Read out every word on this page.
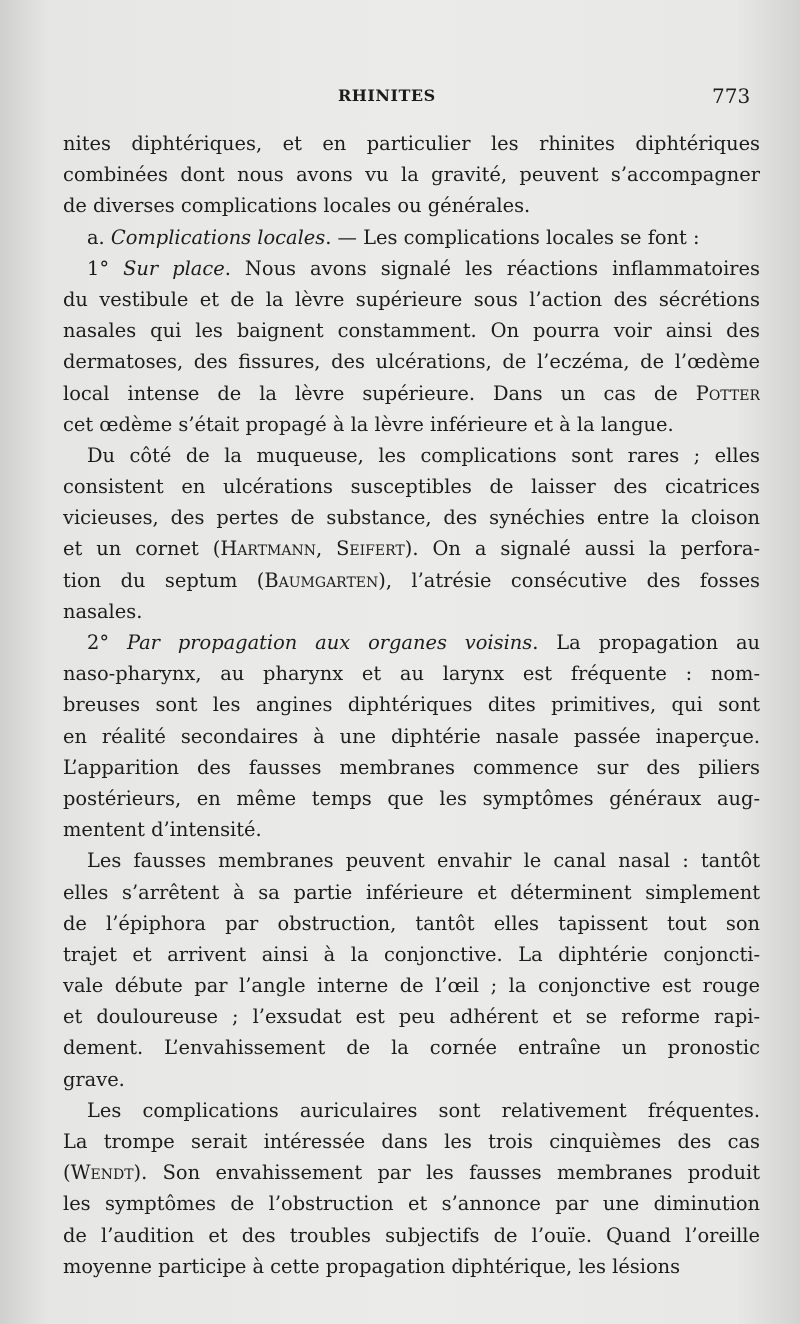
RHINITES	773
nites diphtériques, et en particulier les rhinites diphtériques
combinées dont nous avons vu la gravité, peuvent s’accompagner
de diverses complications locales ou générales.
a. Complications locales. — Les complications locales se font :
1° Sur place. Nous avons signalé les réactions inflammatoires
du vestibule et de la lèvre supérieure sous l’action des sécrétions
nasales qui les baignent constamment. On pourra voir ainsi des
dermatoses, des fissures, des ulcérations, de l’eczéma, de l’œdème
local intense de la lèvre supérieure. Dans un cas de Potter
cet œdème s’était propagé à la lèvre inférieure et à la langue.
Du côté de la muqueuse, les complications sont rares ; elles
consistent en ulcérations susceptibles de laisser des cicatrices
vicieuses, des pertes de substance, des synéchies entre la cloison
et un cornet (Hartmann, Seifert). On a signalé aussi la perfora-
tion du septum (Baumgarten), l’atrésie consécutive des fosses
nasales.
2° Par propagation aux organes voisins. La propagation au
naso-pharynx, au pharynx et au larynx est fréquente : nom-
breuses sont les angines diphtériques dites primitives, qui sont
en réalité secondaires à une diphtérie nasale passée inaperçue.
L’apparition des fausses membranes commence sur des piliers
postérieurs, en même temps que les symptômes généraux aug-
mentent d’intensité.
Les fausses membranes peuvent envahir le canal nasal : tantôt
elles s’arrêtent à sa partie inférieure et déterminent simplement
de l’épiphora par obstruction, tantôt elles tapissent tout son
trajet et arrivent ainsi à la conjonctive. La diphtérie conjoncti-
vale débute par l’angle interne de l’œil ; la conjonctive est rouge
et douloureuse ; l’exsudat est peu adhérent et se reforme rapi-
dement. L’envahissement de la cornée entraîne un pronostic
grave.
Les complications auriculaires sont relativement fréquentes.
La trompe serait intéressée dans les trois cinquièmes des cas
(Wendt). Son envahissement par les fausses membranes produit
les symptômes de l’obstruction et s’annonce par une diminution
de l’audition et des troubles subjectifs de l’ouïe. Quand l’oreille
moyenne participe à cette propagation diphtérique, les lésions
